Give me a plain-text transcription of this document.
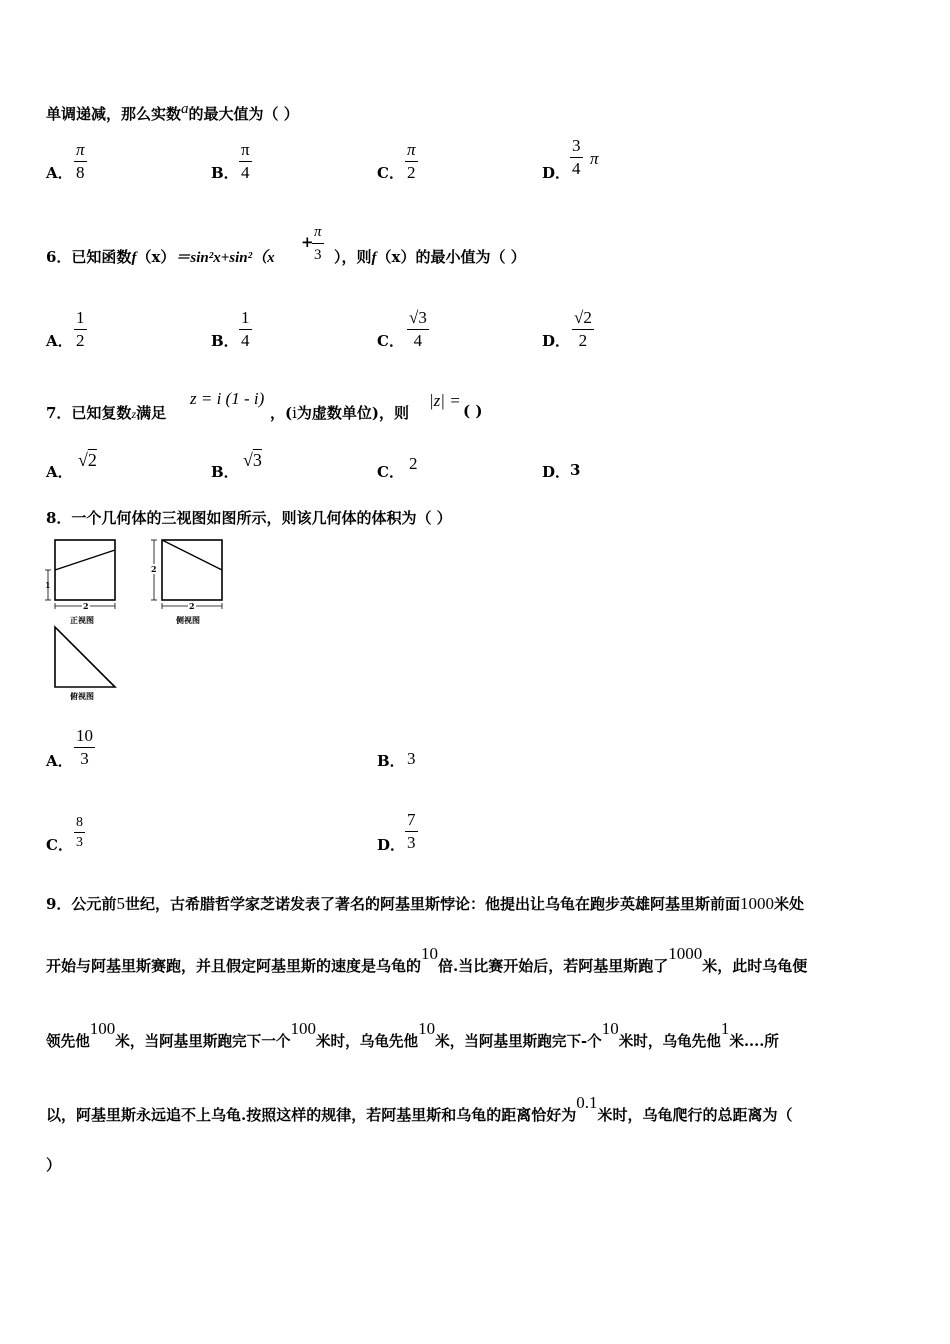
单调递减，那么实数a的最大值为（ ）
A．
π
8	B．
π
4	C．
π
2	D．
3
4
π
6．已知函数f（x）＝sin²x+sin²（x
+
π
3 ），则f（x）的最小值为（ ）
A．
1
2	B．
1
4	C．
√3
4	D．
√2
2
7．已知复数z满足
z = i (1 - i)
，(i为虚数单位)，则
|z| =
( )
A．
√2
B．
√3
C． 2	D． 3
8．一个几何体的三视图如图所示，则该几何体的体积为（ ）
1
2
正视图
2
2
侧视图
俯视图
A．
10
3	B． 3
C．
8
3	D．
7
3
9．公元前5世纪，古希腊哲学家芝诺发表了著名的阿基里斯悖论：他提出让乌龟在跑步英雄阿基里斯前面1000米处
开始与阿基里斯赛跑，并且假定阿基里斯的速度是乌龟的10倍.当比赛开始后，若阿基里斯跑了1000米，此时乌龟便
领先他100米，当阿基里斯跑完下一个100米时，乌龟先他10米，当阿基里斯跑完下-个10米时，乌龟先他1米....所
以，阿基里斯永远追不上乌龟.按照这样的规律，若阿基里斯和乌龟的距离恰好为0.1米时，乌龟爬行的总距离为（
）
